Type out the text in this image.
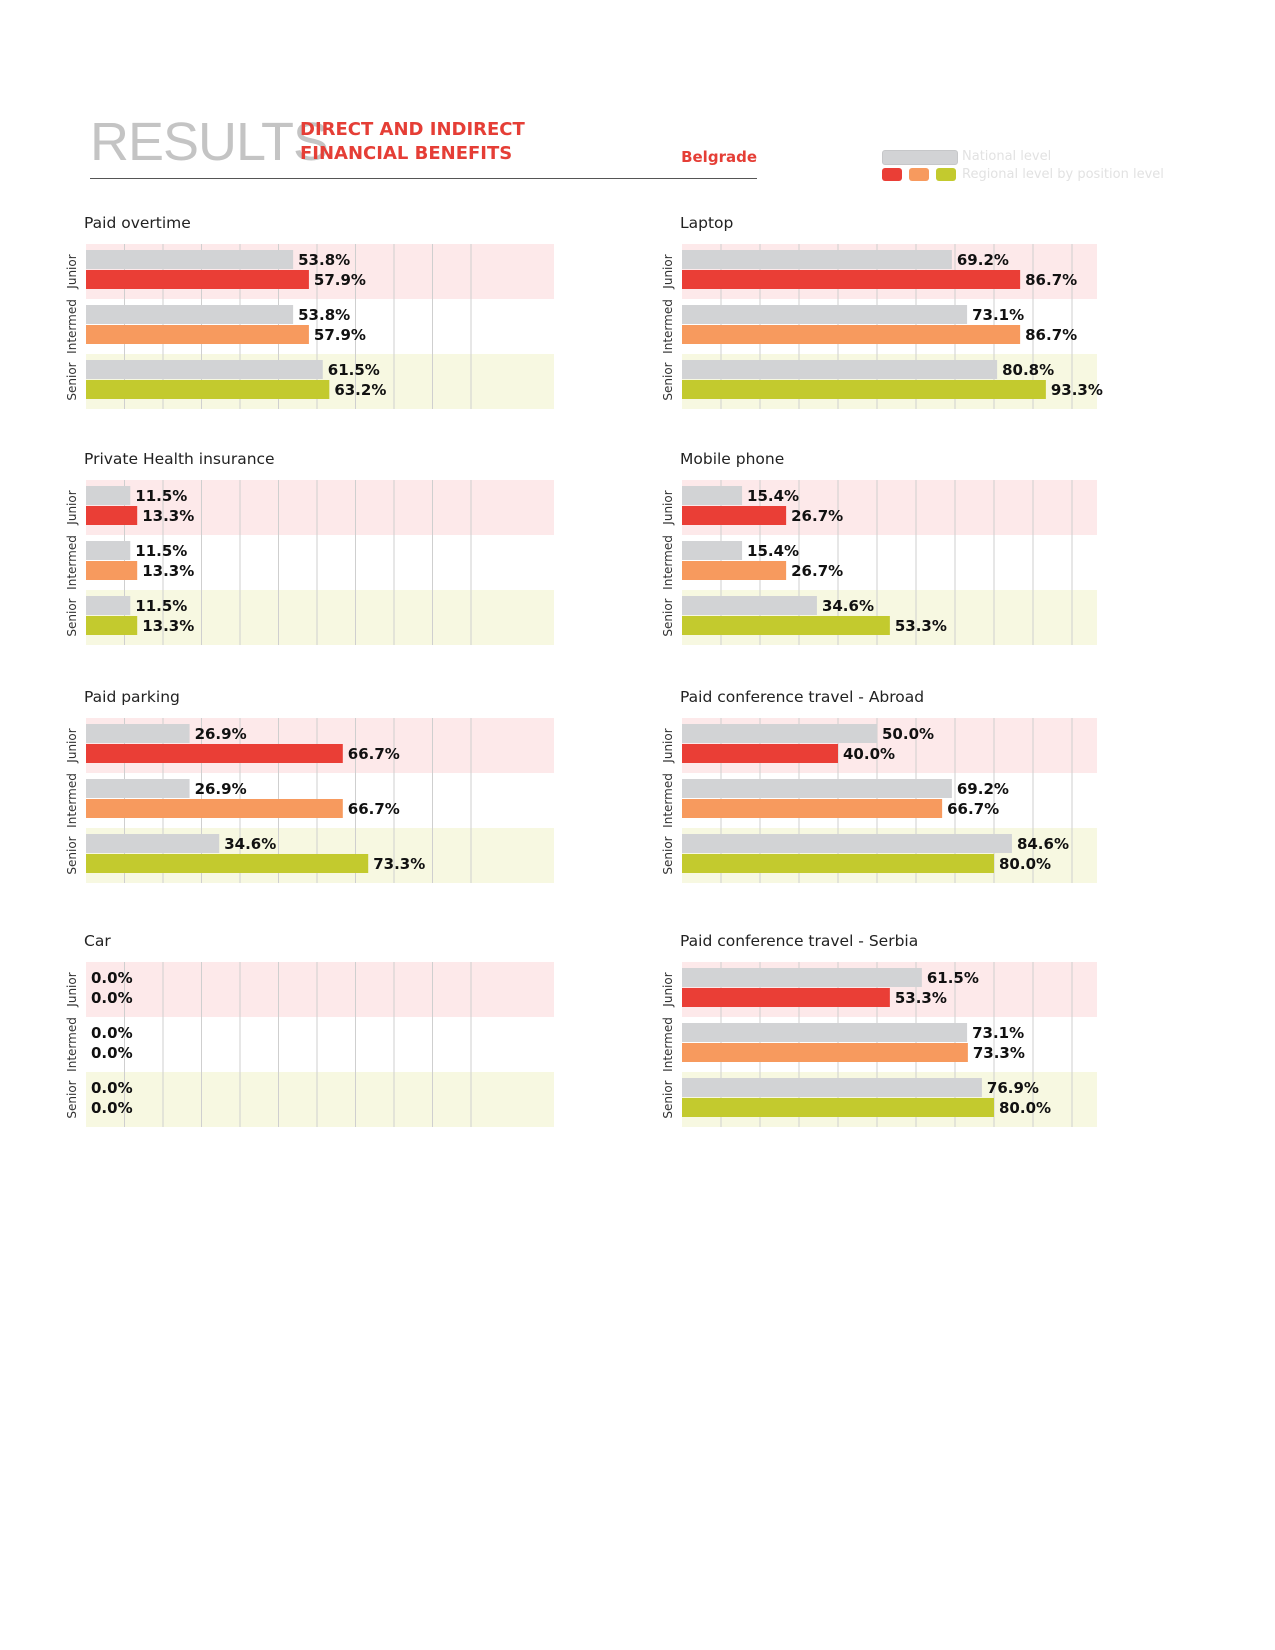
RESULTS
DIRECT AND INDIRECT
FINANCIAL BENEFITS	Belgrade	National level
Regional level by position level
Paid overtime
Junior	53.8%
57.9%
Intermed	53.8%
57.9%
Senior	61.5%
63.2%
Laptop
Junior	69.2%
86.7%
Intermed	73.1%
86.7%
Senior	80.8%
93.3%
Private Health insurance
Junior	11.5%
13.3%
Intermed	11.5%
13.3%
Senior	11.5%
13.3%
Mobile phone
Junior	15.4%
26.7%
Intermed	15.4%
26.7%
Senior	34.6%
53.3%
Paid parking
Junior	26.9%
66.7%
Intermed	26.9%
66.7%
Senior	34.6%
73.3%
Paid conference travel - Abroad
Junior	50.0%
40.0%
Intermed	69.2%
66.7%
Senior	84.6%
80.0%
Car
Junior 0.0%
0.0%
Intermed 0.0%
0.0%
Senior 0.0%
0.0%
Paid conference travel - Serbia
Junior	61.5%
53.3%
Intermed	73.1%
73.3%
Senior	76.9%
80.0%
